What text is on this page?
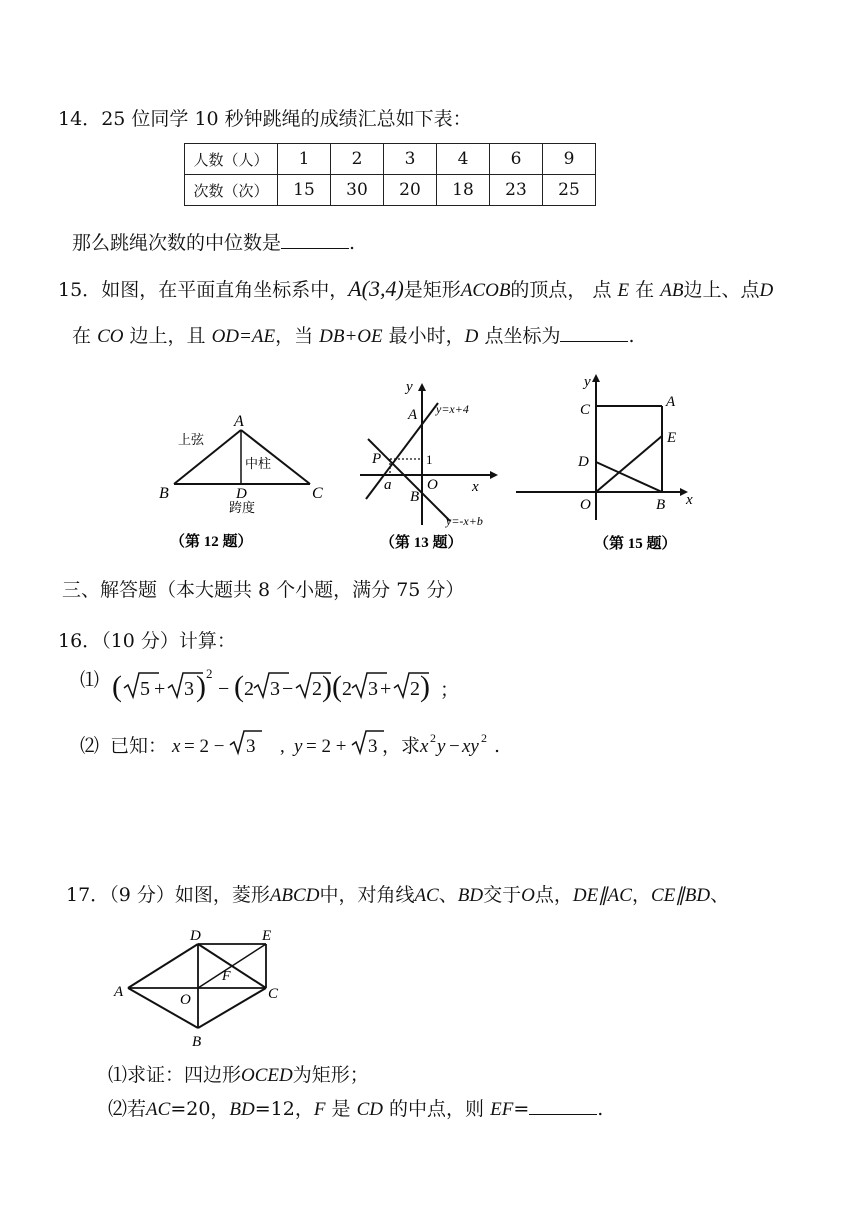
14．25 位同学 10 秒钟跳绳的成绩汇总如下表：
人数（人）	1	2	3	4	6	9
次数（次）	15	30	20	18	23	25
那么跳绳次数的中位数是	.
15．如图，在平面直角坐标系中，A(3,4)是矩形ACOB的顶点， 点 E 在 AB边上、点D
在 CO 边上，且 OD=AE，当 DB+OE 最小时，D 点坐标为	.
A
B	C
D
上弦
中柱
跨度
（第 12 题）
y
A y=x+4
P	1
a
B
O x
y=-x+b
（第 13 题）
y
C	A
E
D
O	B x
（第 15 题）
三、解答题（本大题共 8 个小题，满分 75 分）
16．（10 分）计算：
⑴ ( 5 + 3 ) 2
− ( 2 3 − 2 ) ( 2 3 + 2 ) ；
⑵ 已知： x = 2 − 3 , y = 2 + 3 ，求 x 2 y − xy 2 .
17．（9 分）如图，菱形ABCD中，对角线AC、BD交于O点，DE∥AC，CE∥BD、
A
D	E
F
O	C
B
⑴求证：四边形OCED为矩形；
⑵若AC=20，BD=12，F 是 CD 的中点，则 EF=	.
